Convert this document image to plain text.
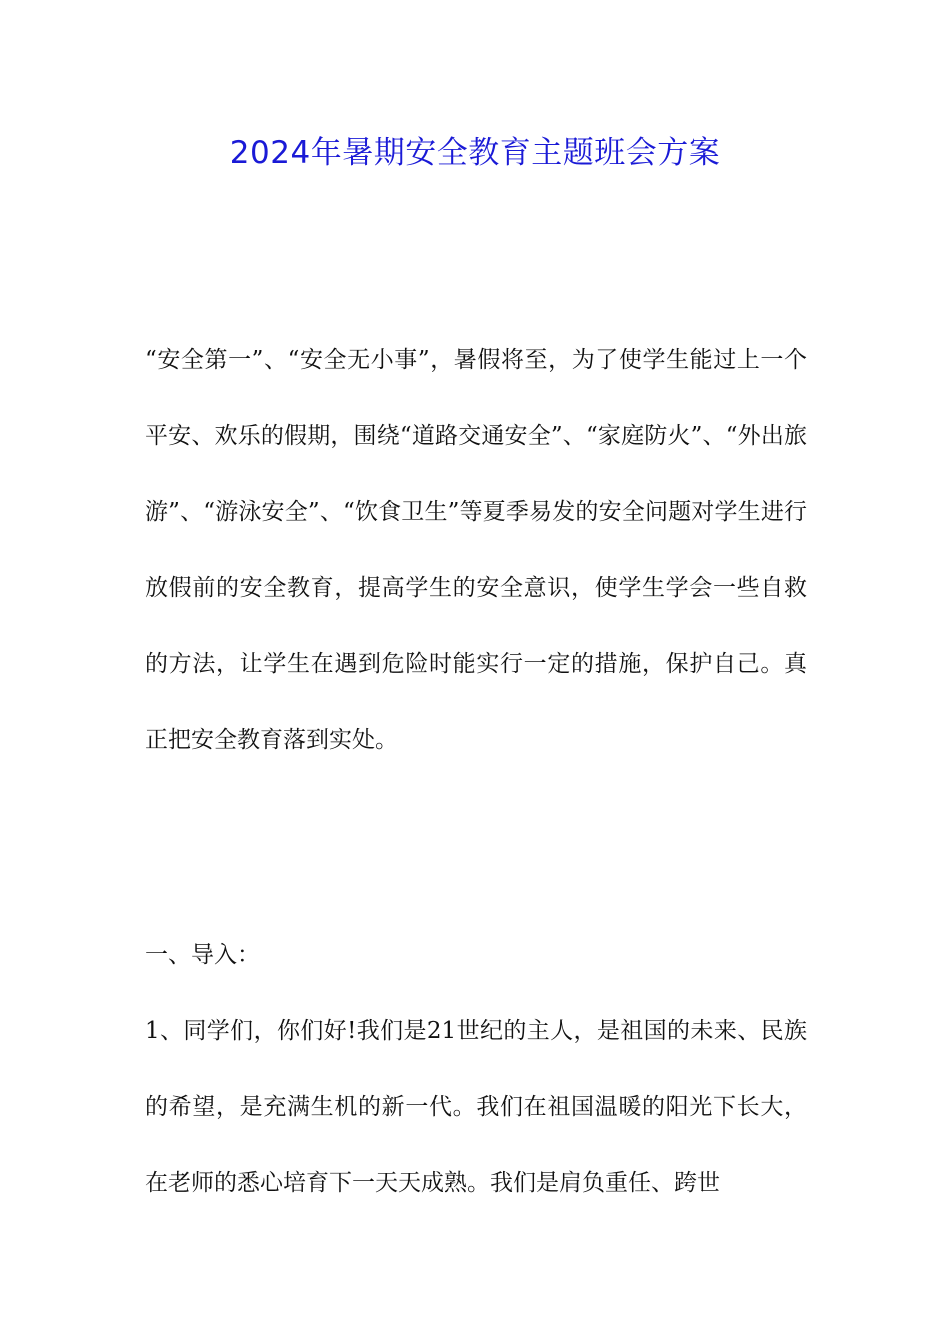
2024年暑期安全教育主题班会方案
“安全第一”、“安全无小事”，暑假将至，为了使学生能过上一个平安、欢乐的假期，围绕“道路交通安全”、“家庭防火”、“外出旅游”、“游泳安全”、“饮食卫生”等夏季易发的安全问题对学生进行放假前的安全教育，提高学生的安全意识，使学生学会一些自救的方法，让学生在遇到危险时能实行一定的措施，保护自己。真正把安全教育落到实处。
一、导入：
1、同学们，你们好!我们是21世纪的主人，是祖国的未来、民族的希望，是充满生机的新一代。我们在祖国温暖的阳光下长大，在老师的悉心培育下一天天成熟。我们是肩负重任、跨世
